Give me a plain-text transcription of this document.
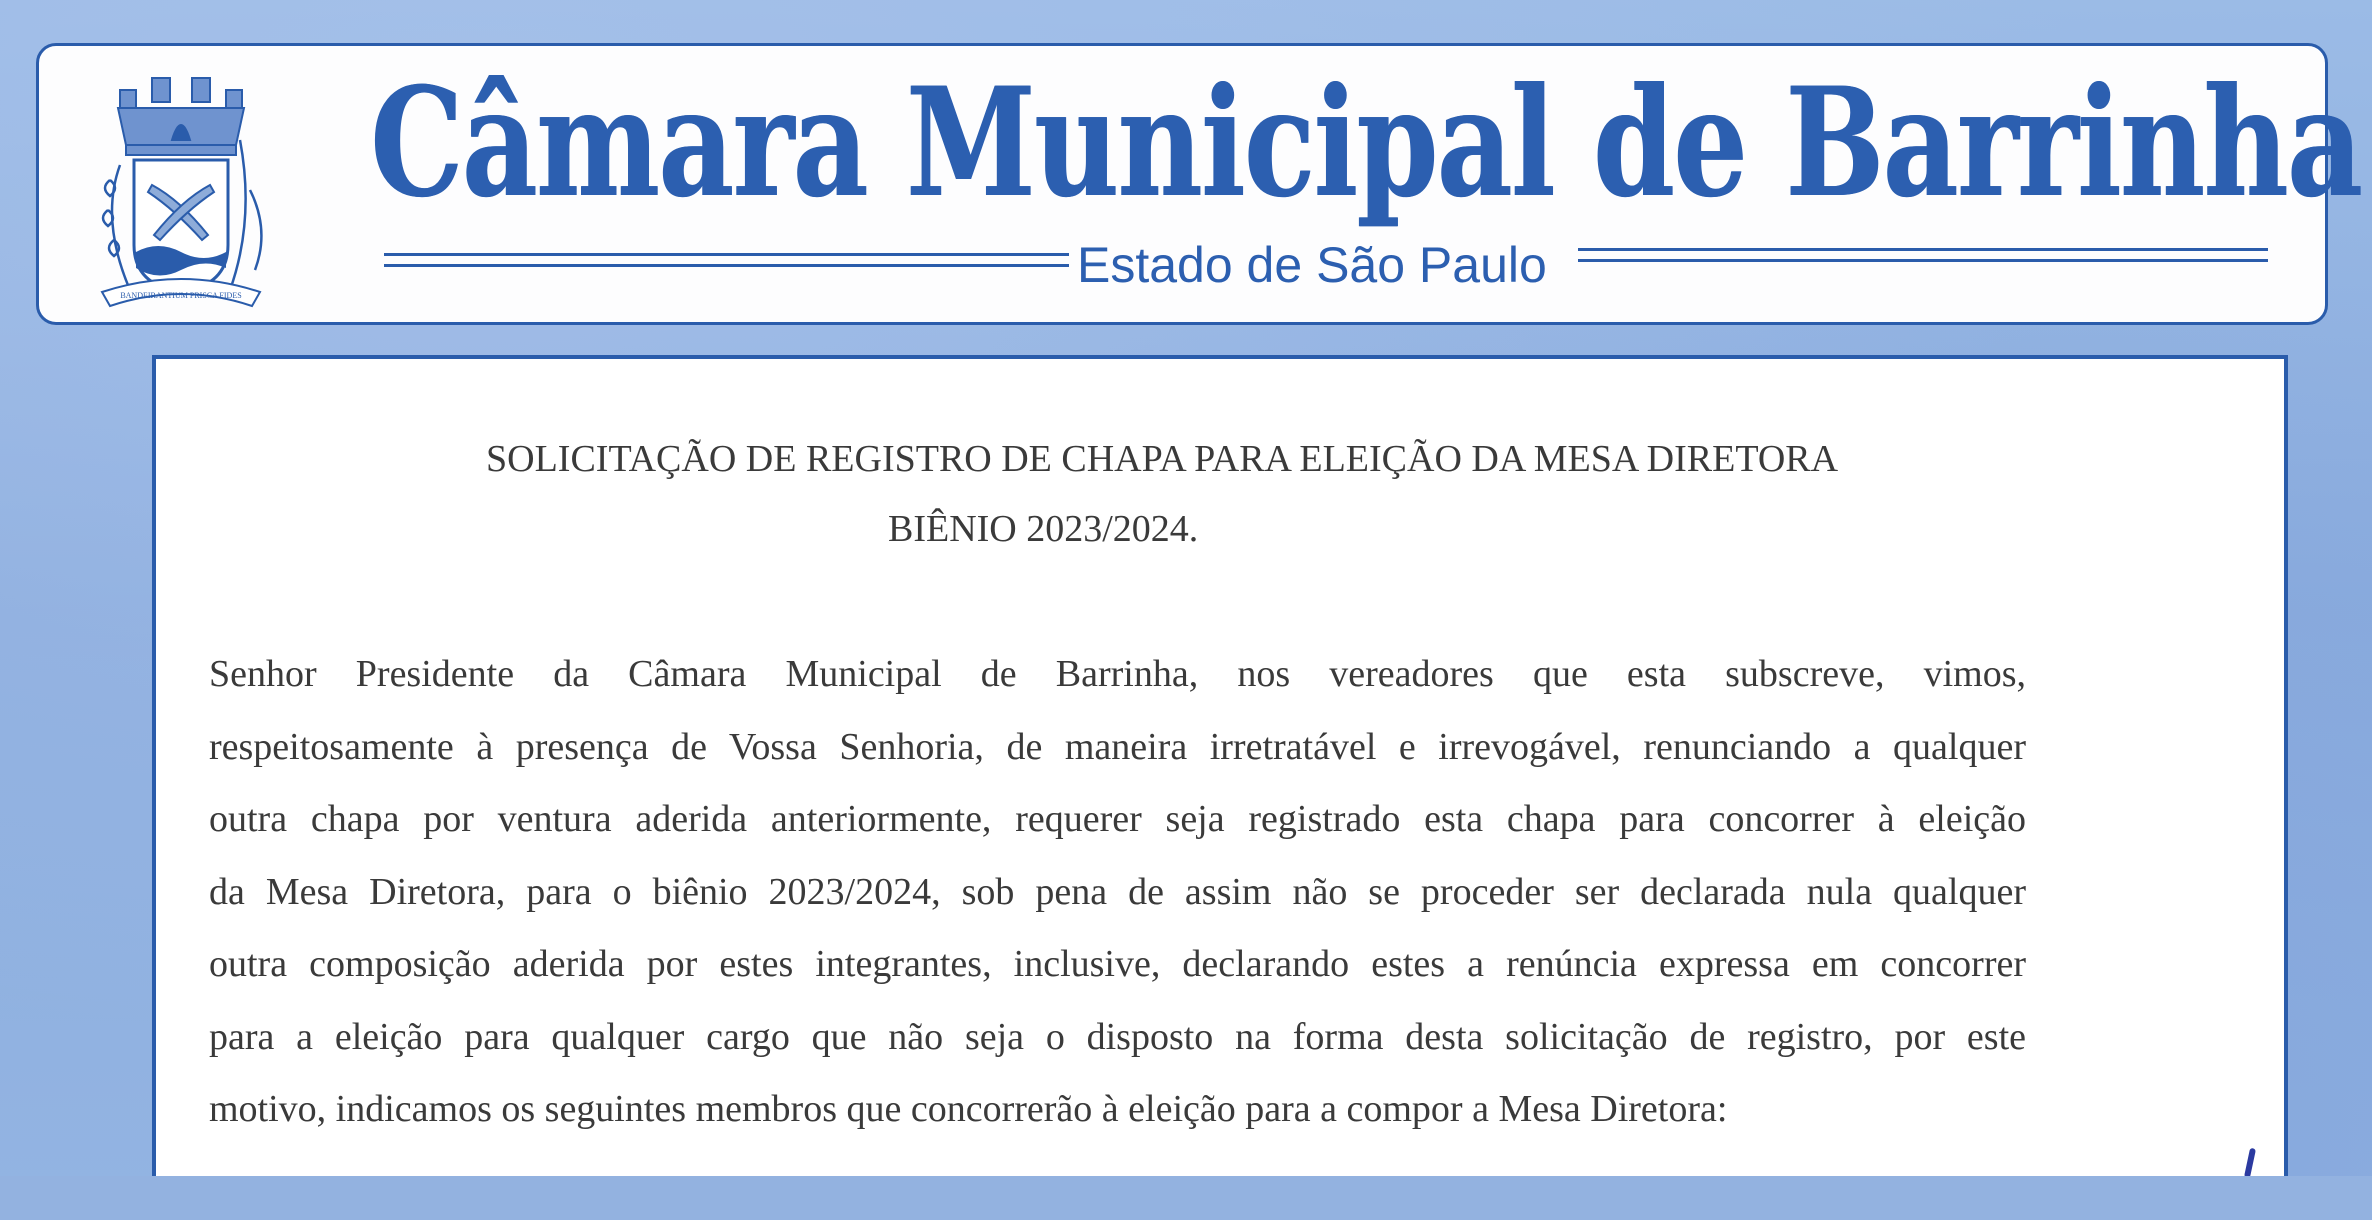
BANDEIRANTIUM PRISCA FIDES
Câmara Municipal de Barrinha
Estado de São Paulo
SOLICITAÇÃO DE REGISTRO DE CHAPA PARA ELEIÇÃO DA MESA DIRETORA
BIÊNIO 2023/2024.
Senhor Presidente da Câmara Municipal de Barrinha, nos vereadores que esta subscreve, vimos,
respeitosamente à presença de Vossa Senhoria, de maneira irretratável e irrevogável, renunciando a qualquer
outra chapa por ventura aderida anteriormente, requerer seja registrado esta chapa para concorrer à eleição
da Mesa Diretora, para o biênio 2023/2024, sob pena de assim não se proceder ser declarada nula qualquer
outra composição aderida por estes integrantes, inclusive, declarando estes a renúncia expressa em concorrer
para a eleição para qualquer cargo que não seja o disposto na forma desta solicitação de registro, por este
motivo, indicamos os seguintes membros que concorrerão à eleição para a compor a Mesa Diretora:
